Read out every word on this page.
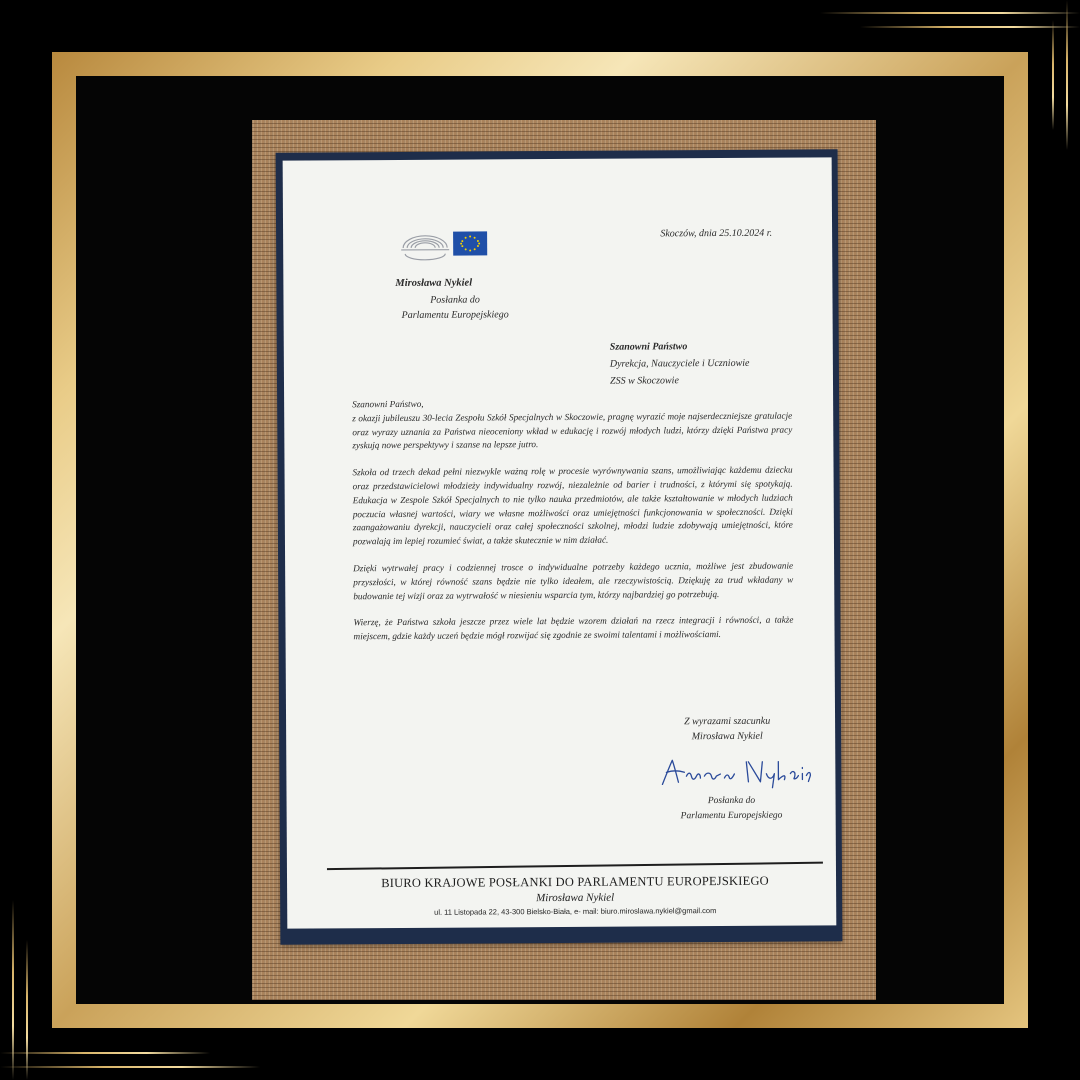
Skoczów, dnia 25.10.2024 r.
Mirosława Nykiel
Posłanka do
Parlamentu Europejskiego
Szanowni Państwo
Dyrekcja, Nauczyciele i Uczniowie
ZSS w Skoczowie

Szanowni Państwo,
z okazji jubileuszu 30-lecia Zespołu Szkół Specjalnych w Skoczowie, pragnę wyrazić moje najserdeczniejsze gratulacje oraz wyrazy uznania za Państwa nieoceniony wkład w edukację i rozwój młodych ludzi, którzy dzięki Państwa pracy zyskują nowe perspektywy i szanse na lepsze jutro.

Szkoła od trzech dekad pełni niezwykle ważną rolę w procesie wyrównywania szans, umożliwiając każdemu dziecku oraz przedstawicielowi młodzieży indywidualny rozwój, niezależnie od barier i trudności, z którymi się spotykają. Edukacja w Zespole Szkół Specjalnych to nie tylko nauka przedmiotów, ale także kształtowanie w młodych ludziach poczucia własnej wartości, wiary we własne możliwości oraz umiejętności funkcjonowania w społeczności. Dzięki zaangażowaniu dyrekcji, nauczycieli oraz całej społeczności szkolnej, młodzi ludzie zdobywają umiejętności, które pozwalają im lepiej rozumieć świat, a także skutecznie w nim działać.

Dzięki wytrwałej pracy i codziennej trosce o indywidualne potrzeby każdego ucznia, możliwe jest zbudowanie przyszłości, w której równość szans będzie nie tylko ideałem, ale rzeczywistością. Dziękuję za trud wkładany w budowanie tej wizji oraz za wytrwałość w niesieniu wsparcia tym, którzy najbardziej go potrzebują.

Wierzę, że Państwa szkoła jeszcze przez wiele lat będzie wzorem działań na rzecz integracji i równości, a także miejscem, gdzie każdy uczeń będzie mógł rozwijać się zgodnie ze swoimi talentami i możliwościami.

Z wyrazami szacunku
Mirosława Nykiel
Mirosława Nykiel
Posłanka do
Parlamentu Europejskiego
BIURO KRAJOWE POSŁANKI DO PARLAMENTU EUROPEJSKIEGO
Mirosława Nykiel
ul. 11 Listopada 22, 43-300 Bielsko-Biała, e- mail: biuro.miroslawa.nykiel@gmail.com
